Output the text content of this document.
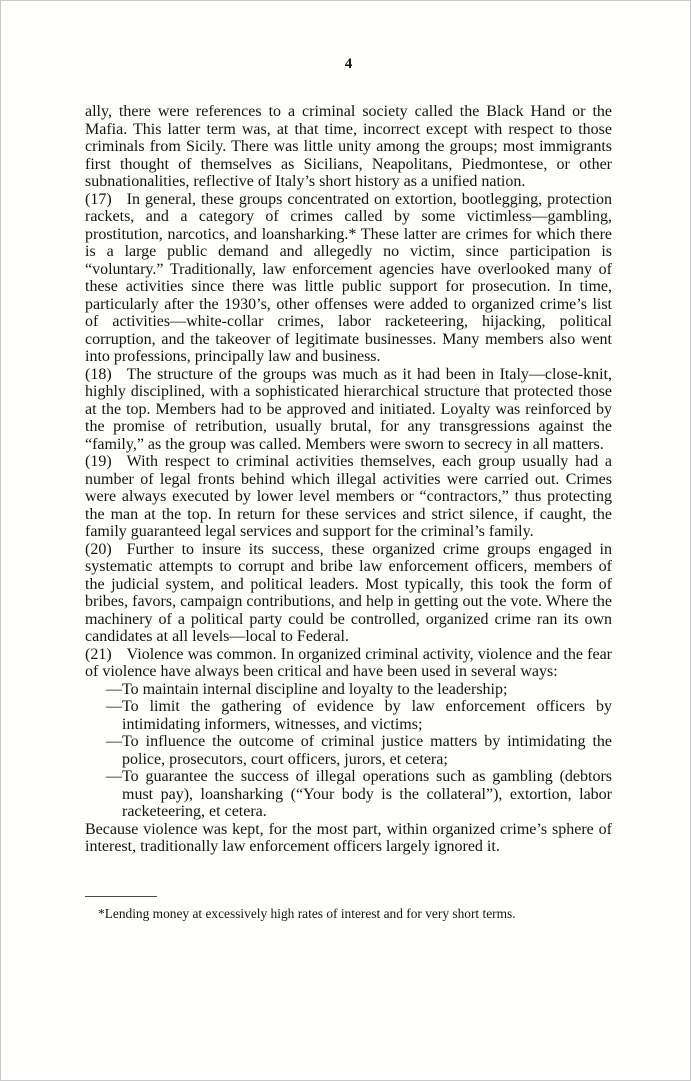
4

ally, there were references to a criminal society called the Black Hand or the Mafia. This latter term was, at that time, incorrect except with respect to those criminals from Sicily. There was little unity among the groups; most immigrants first thought of themselves as Sicilians, Neapolitans, Piedmontese, or other subnationalities, reflective of Italy’s short history as a unified nation.

(17) In general, these groups concentrated on extortion, bootlegging, protection rackets, and a category of crimes called by some victimless—gambling, prostitution, narcotics, and loansharking.* These latter are crimes for which there is a large public demand and allegedly no victim, since participation is “voluntary.” Traditionally, law enforcement agencies have overlooked many of these activities since there was little public support for prosecution. In time, particularly after the 1930’s, other offenses were added to organized crime’s list of activities—white-collar crimes, labor racketeering, hijacking, political corruption, and the takeover of legitimate businesses. Many members also went into professions, principally law and business.

(18) The structure of the groups was much as it had been in Italy—close-knit, highly disciplined, with a sophisticated hierarchical structure that protected those at the top. Members had to be approved and initiated. Loyalty was reinforced by the promise of retribution, usually brutal, for any transgressions against the “family,” as the group was called. Members were sworn to secrecy in all matters.

(19) With respect to criminal activities themselves, each group usually had a number of legal fronts behind which illegal activities were carried out. Crimes were always executed by lower level members or “contractors,” thus protecting the man at the top. In return for these services and strict silence, if caught, the family guaranteed legal services and support for the criminal’s family.

(20) Further to insure its success, these organized crime groups engaged in systematic attempts to corrupt and bribe law enforcement officers, members of the judicial system, and political leaders. Most typically, this took the form of bribes, favors, campaign contributions, and help in getting out the vote. Where the machinery of a political party could be controlled, organized crime ran its own candidates at all levels—local to Federal.

(21) Violence was common. In organized criminal activity, violence and the fear of violence have always been critical and have been used in several ways:

—To maintain internal discipline and loyalty to the leadership;

—To limit the gathering of evidence by law enforcement officers by intimidating informers, witnesses, and victims;

—To influence the outcome of criminal justice matters by intimidating the police, prosecutors, court officers, jurors, et cetera;

—To guarantee the success of illegal operations such as gambling (debtors must pay), loansharking (“Your body is the collateral”), extortion, labor racketeering, et cetera.

Because violence was kept, for the most part, within organized crime’s sphere of interest, traditionally law enforcement officers largely ignored it.

*Lending money at excessively high rates of interest and for very short terms.
